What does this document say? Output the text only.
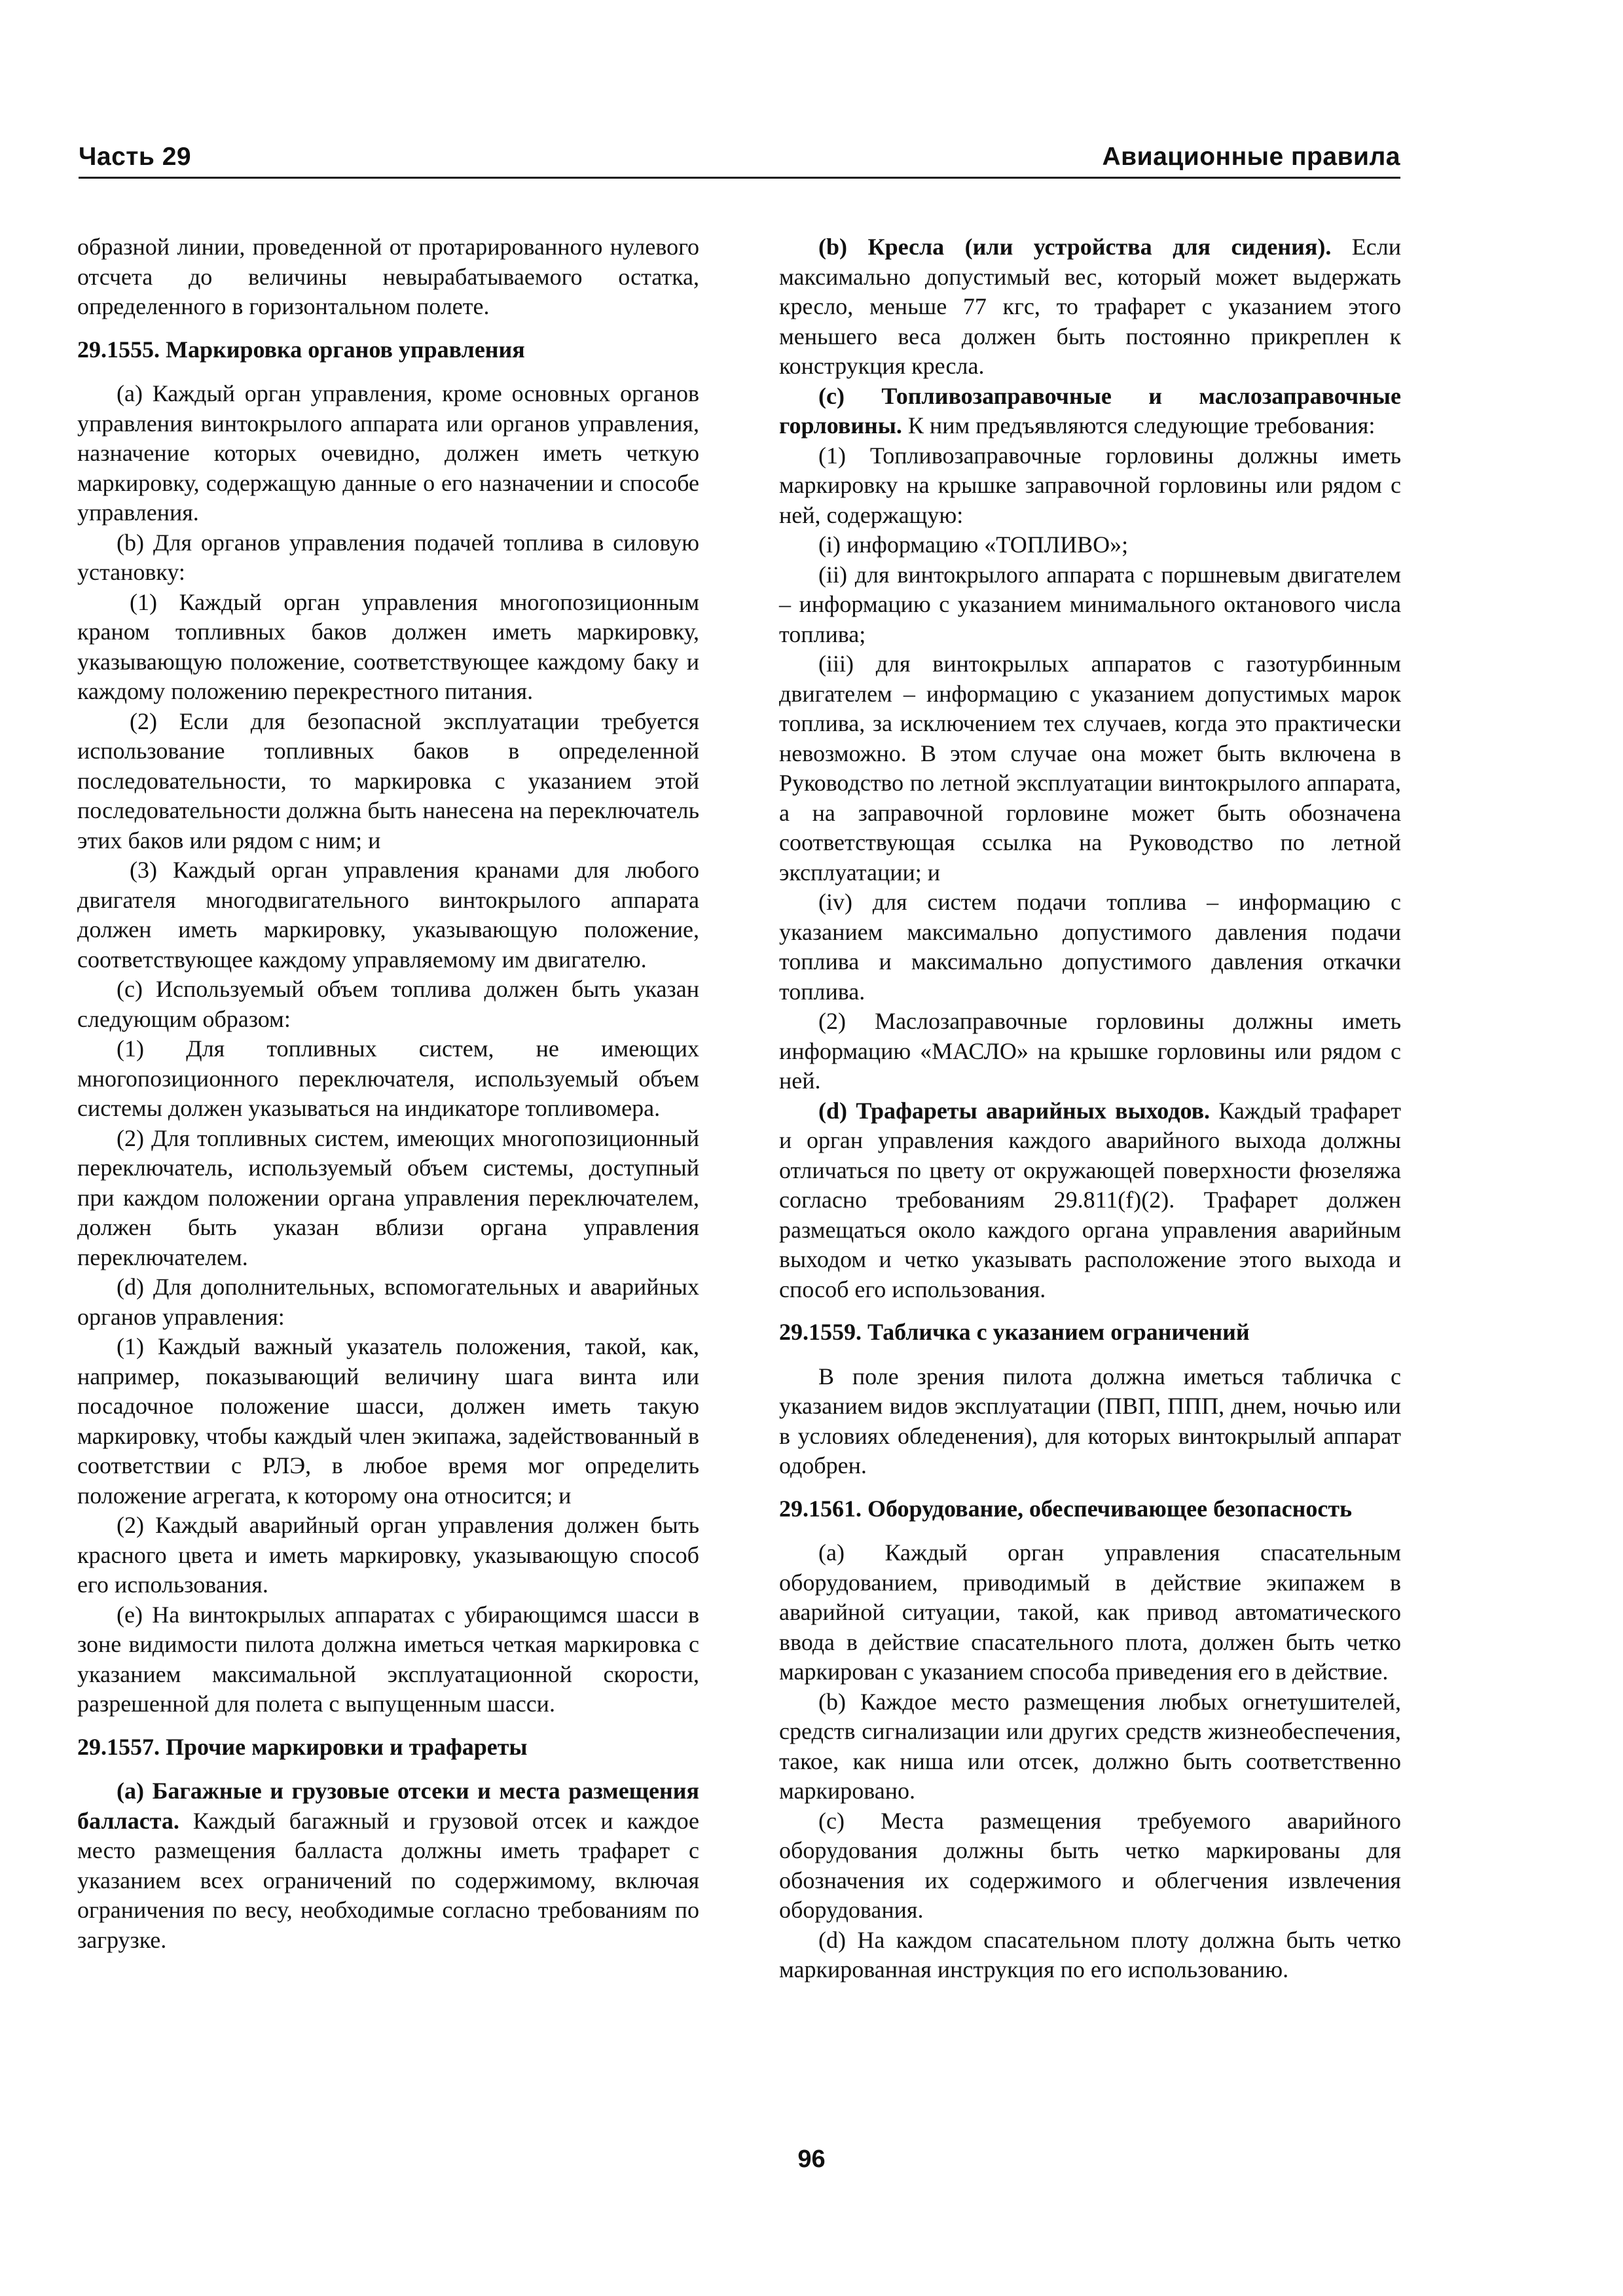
Часть 29	Авиационные правила

образной линии, проведенной от протарированного нулевого отсчета до величины невырабатываемого остатка, определенного в горизонтальном полете.

29.1555. Маркировка органов управления

(а) Каждый орган управления, кроме основных органов управления винтокрылого аппарата или органов управления, назначение которых очевидно, должен иметь четкую маркировку, содержащую данные о его назначении и способе управления.

(b) Для органов управления подачей топлива в силовую установку:

(1) Каждый орган управления многопозиционным краном топливных баков должен иметь маркировку, указывающую положение, соответствующее каждому баку и каждому положению перекрестного питания.

(2) Если для безопасной эксплуатации требуется использование топливных баков в определенной последовательности, то маркировка с указанием этой последовательности должна быть нанесена на переключатель этих баков или рядом с ним; и

(3) Каждый орган управления кранами для любого двигателя многодвигательного винтокрылого аппарата должен иметь маркировку, указывающую положение, соответствующее каждому управляемому им двигателю.

(c) Используемый объем топлива должен быть указан следующим образом:

(1) Для топливных систем, не имеющих многопозиционного переключателя, используемый объем системы должен указываться на индикаторе топливомера.

(2) Для топливных систем, имеющих многопозиционный переключатель, используемый объем системы, доступный при каждом положении органа управления переключателем, должен быть указан вблизи органа управления переключателем.

(d) Для дополнительных, вспомогательных и аварийных органов управления:

(1) Каждый важный указатель положения, такой, как, например, показывающий величину шага винта или посадочное положение шасси, должен иметь такую маркировку, чтобы каждый член экипажа, задействованный в соответствии с РЛЭ, в любое время мог определить положение агрегата, к которому она относится; и

(2) Каждый аварийный орган управления должен быть красного цвета и иметь маркировку, указывающую способ его использования.

(е) На винтокрылых аппаратах с убирающимся шасси в зоне видимости пилота должна иметься четкая маркировка с указанием максимальной эксплуатационной скорости, разрешенной для полета с выпущенным шасси.

29.1557. Прочие маркировки и трафареты

(а) Багажные и грузовые отсеки и места размещения балласта. Каждый багажный и грузовой отсек и каждое место размещения балласта должны иметь трафарет с указанием всех ограничений по содержимому, включая ограничения по весу, необходимые согласно требованиям по загрузке.

(b) Кресла (или устройства для сидения). Если максимально допустимый вес, который может выдержать кресло, меньше 77 кгс, то трафарет с указанием этого меньшего веса должен быть постоянно прикреплен к конструкция кресла.

(с) Топливозаправочные и маслозаправочные горловины. К ним предъявляются следующие требования:

(1) Топливозаправочные горловины должны иметь маркировку на крышке заправочной горловины или рядом с ней, содержащую:

(i) информацию «ТОПЛИВО»;

(ii) для винтокрылого аппарата с поршневым двигателем – информацию с указанием минимального октанового числа топлива;

(iii) для винтокрылых аппаратов с газотурбинным двигателем – информацию с указанием допустимых марок топлива, за исключением тех случаев, когда это практически невозможно. В этом случае она может быть включена в Руководство по летной эксплуатации винтокрылого аппарата, а на заправочной горловине может быть обозначена соответствующая ссылка на Руководство по летной эксплуатации; и

(iv) для систем подачи топлива – информацию с указанием максимально допустимого давления подачи топлива и максимально допустимого давления откачки топлива.

(2) Маслозаправочные горловины должны иметь информацию «МАСЛО» на крышке горловины или рядом с ней.

(d) Трафареты аварийных выходов. Каждый трафарет и орган управления каждого аварийного выхода должны отличаться по цвету от окружающей поверхности фюзеляжа согласно требованиям 29.811(f)(2). Трафарет должен размещаться около каждого органа управления аварийным выходом и четко указывать расположение этого выхода и способ его использования.

29.1559. Табличка с указанием ограничений

В поле зрения пилота должна иметься табличка с указанием видов эксплуатации (ПВП, ППП, днем, ночью или в условиях обледенения), для которых винтокрылый аппарат одобрен.

29.1561. Оборудование, обеспечивающее безопасность

(а) Каждый орган управления спасательным оборудованием, приводимый в действие экипажем в аварийной ситуации, такой, как привод автоматического ввода в действие спасательного плота, должен быть четко маркирован с указанием способа приведения его в действие.

(b) Каждое место размещения любых огнетушителей, средств сигнализации или других средств жизнеобеспечения, такое, как ниша или отсек, должно быть соответственно маркировано.

(с) Места размещения требуемого аварийного оборудования должны быть четко маркированы для обозначения их содержимого и облегчения извлечения оборудования.

(d) На каждом спасательном плоту должна быть четко маркированная инструкция по его использованию.

96
